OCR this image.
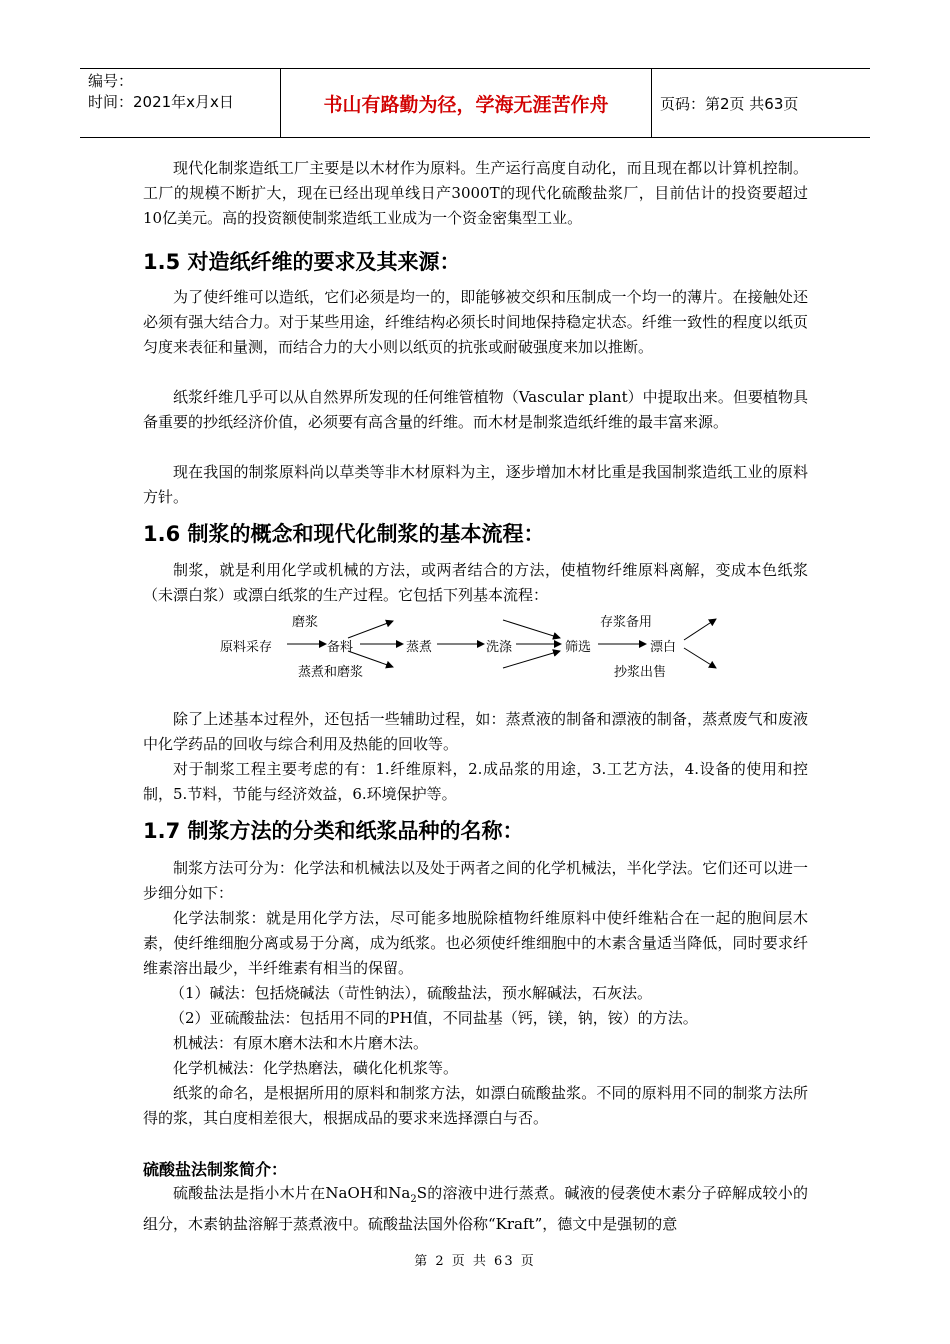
编号：
时间：2021年x月x日	书山有路勤为径，学海无涯苦作舟	页码：第2页 共63页
现代化制浆造纸工厂主要是以木材作为原料。生产运行高度自动化，而且现在都以计算机控制。工厂的规模不断扩大，现在已经出现单线日产3000T的现代化硫酸盐浆厂，目前估计的投资要超过10亿美元。高的投资额使制浆造纸工业成为一个资金密集型工业。
1.5 对造纸纤维的要求及其来源：
为了使纤维可以造纸，它们必须是均一的，即能够被交织和压制成一个均一的薄片。在接触处还必须有强大结合力。对于某些用途，纤维结构必须长时间地保持稳定状态。纤维一致性的程度以纸页匀度来表征和量测，而结合力的大小则以纸页的抗张或耐破强度来加以推断。
纸浆纤维几乎可以从自然界所发现的任何维管植物（Vascular plant）中提取出来。但要植物具备重要的抄纸经济价值，必须要有高含量的纤维。而木材是制浆造纸纤维的最丰富来源。
现在我国的制浆原料尚以草类等非木材原料为主，逐步增加木材比重是我国制浆造纸工业的原料方针。
1.6 制浆的概念和现代化制浆的基本流程：
制浆，就是利用化学或机械的方法，或两者结合的方法，使植物纤维原料离解，变成本色纸浆（未漂白浆）或漂白纸浆的生产过程。它包括下列基本流程：
磨浆
原料采存	备料	蒸煮	洗涤	筛选	漂白
蒸煮和磨浆
存浆备用
抄浆出售
除了上述基本过程外，还包括一些辅助过程，如：蒸煮液的制备和漂液的制备，蒸煮废气和废液中化学药品的回收与综合利用及热能的回收等。
对于制浆工程主要考虑的有：1.纤维原料，2.成品浆的用途，3.工艺方法，4.设备的使用和控制，5.节料，节能与经济效益，6.环境保护等。
1.7 制浆方法的分类和纸浆品种的名称：
制浆方法可分为：化学法和机械法以及处于两者之间的化学机械法，半化学法。它们还可以进一步细分如下：
化学法制浆：就是用化学方法，尽可能多地脱除植物纤维原料中使纤维粘合在一起的胞间层木素，使纤维细胞分离或易于分离，成为纸浆。也必须使纤维细胞中的木素含量适当降低，同时要求纤维素溶出最少，半纤维素有相当的保留。
（1）碱法：包括烧碱法（苛性钠法），硫酸盐法，预水解碱法，石灰法。
（2）亚硫酸盐法：包括用不同的PH值，不同盐基（钙，镁，钠，铵）的方法。
机械法：有原木磨木法和木片磨木法。
化学机械法：化学热磨法，磺化化机浆等。
纸浆的命名，是根据所用的原料和制浆方法，如漂白硫酸盐浆。不同的原料用不同的制浆方法所得的浆，其白度相差很大，根据成品的要求来选择漂白与否。
硫酸盐法制浆简介：
硫酸盐法是指小木片在NaOH和$Na_2S$的溶液中进行蒸煮。碱液的侵袭使木素分子碎解成较小的组分，木素钠盐溶解于蒸煮液中。硫酸盐法国外俗称“Kraft”，德文中是强韧的意
第 2 页 共 63 页
